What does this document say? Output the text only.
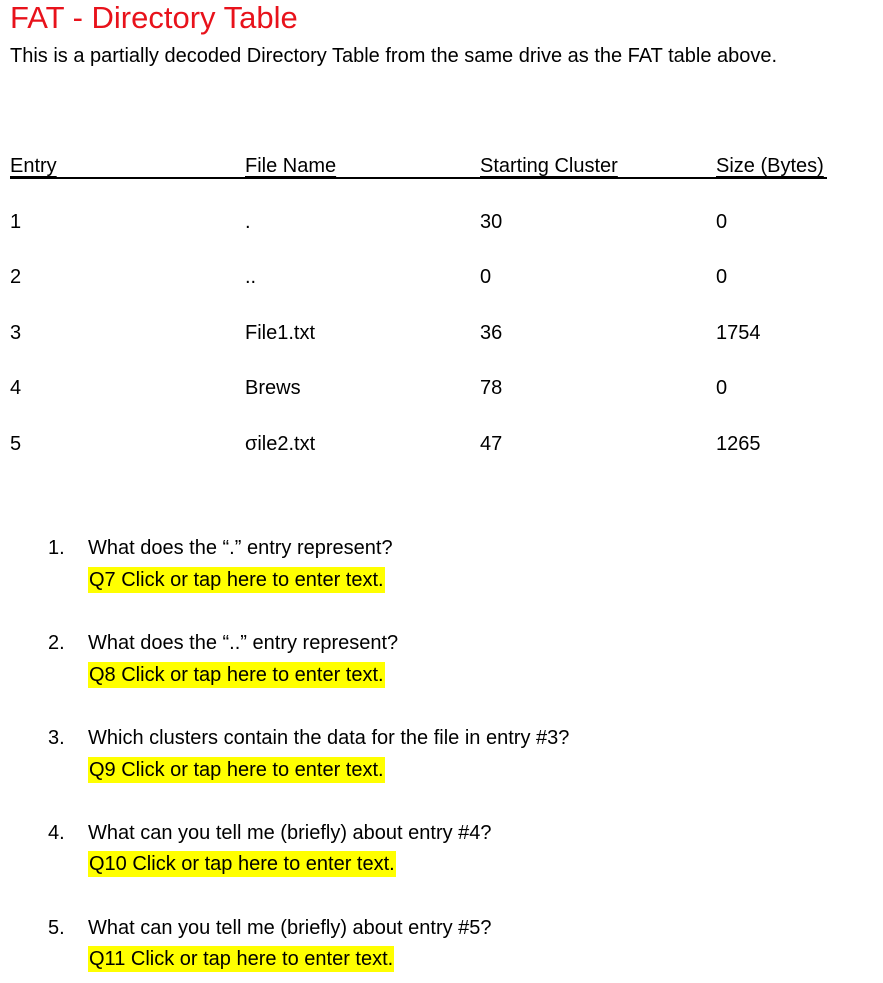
FAT - Directory Table
This is a partially decoded Directory Table from the same drive as the FAT table above.
Entry	File Name	Starting Cluster	Size (Bytes)
1	.	30	0
2	..	0	0
3	File1.txt	36	1754
4	Brews	78	0
5	σile2.txt	47	1265
1. What does the “.” entry represent?
Q7 Click or tap here to enter text.
2. What does the “..” entry represent?
Q8 Click or tap here to enter text.
3. Which clusters contain the data for the file in entry #3?
Q9 Click or tap here to enter text.
4. What can you tell me (briefly) about entry #4?
Q10 Click or tap here to enter text.
5. What can you tell me (briefly) about entry #5?
Q11 Click or tap here to enter text.
